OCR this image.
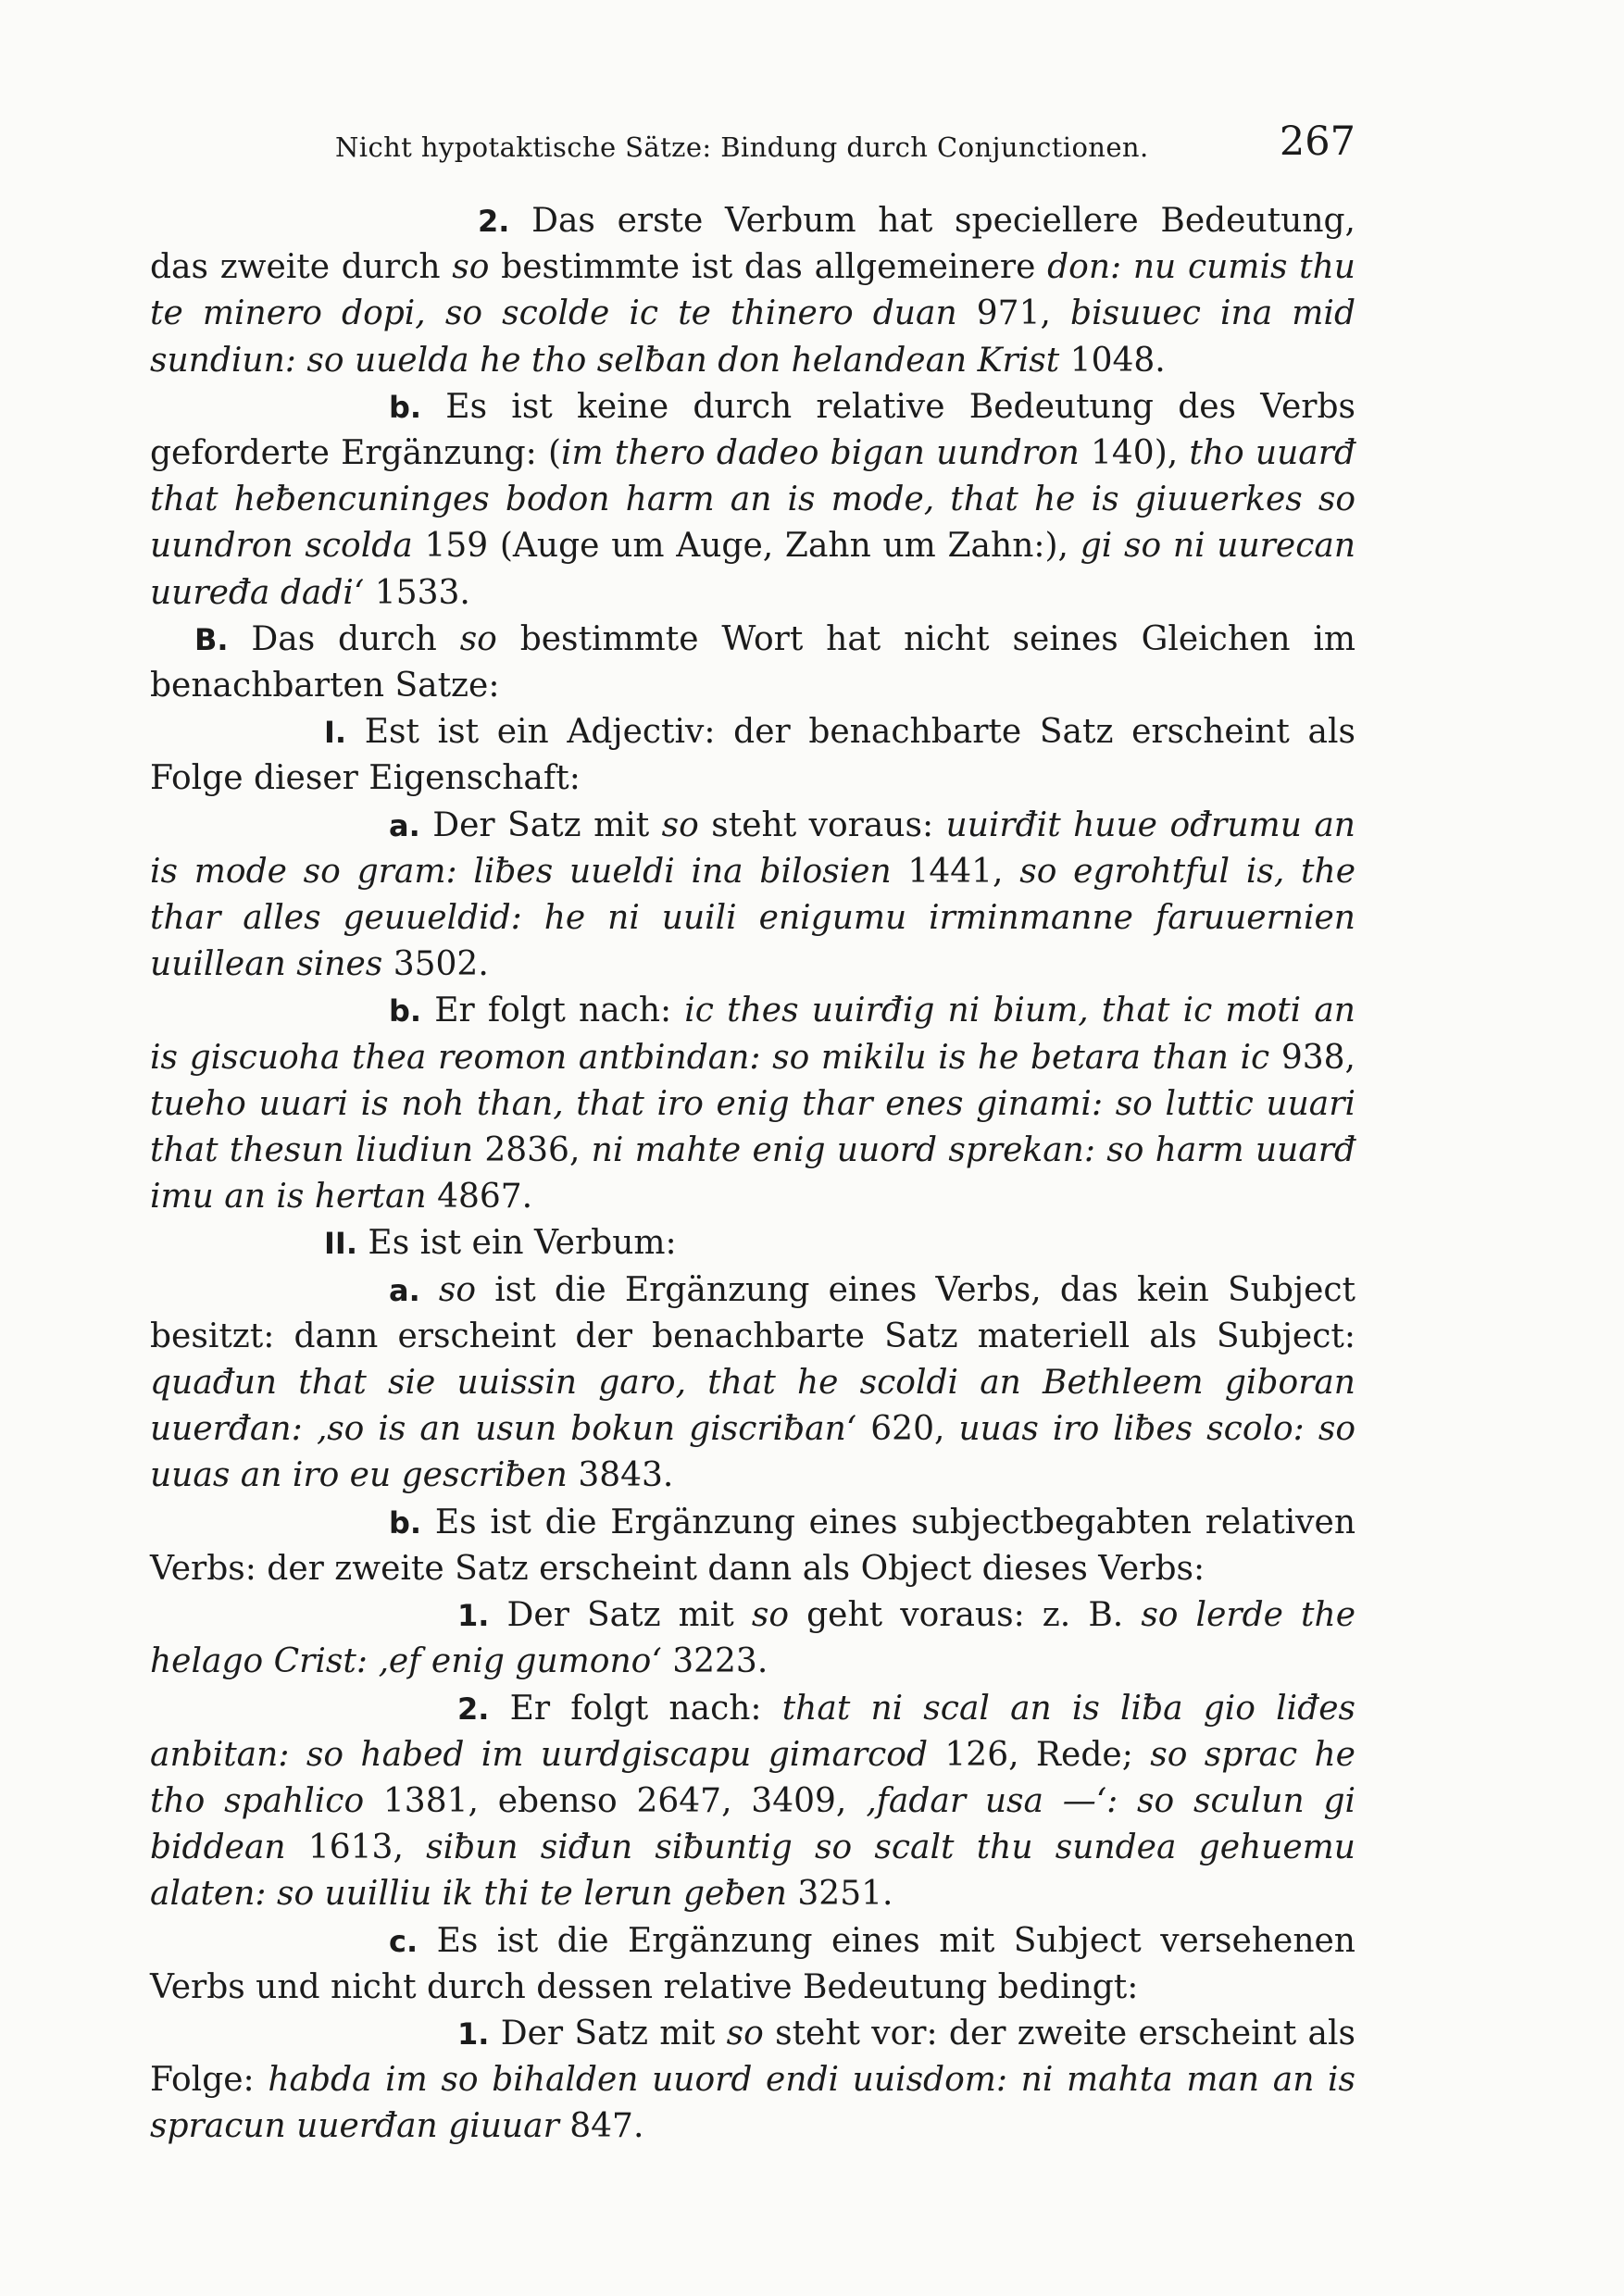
Nicht hypotaktische Sätze: Bindung durch Conjunctionen.	267

2. Das erste Verbum hat speciellere Bedeutung, das zweite durch so bestimmte ist das allgemeinere don: nu cumis thu te minero dopi, so scolde ic te thinero duan 971, bisuuec ina mid sundiun: so uuelda he tho selƀan don helandean Krist 1048.

b. Es ist keine durch relative Bedeutung des Verbs geforderte Ergänzung: (im thero dadeo bigan uundron 140), tho uuarđ that heƀencuninges bodon harm an is mode, that he is giuuerkes so uundron scolda 159 (Auge um Auge, Zahn um Zahn:), gi so ni uurecan uuređa dadi‘ 1533.

B. Das durch so bestimmte Wort hat nicht seines Gleichen im benachbarten Satze:

I. Est ist ein Adjectiv: der benachbarte Satz erscheint als Folge dieser Eigenschaft:

a. Der Satz mit so steht voraus: uuirđit huue ođrumu an is mode so gram: liƀes uueldi ina bilosien 1441, so egrohtful is, the thar alles geuueldid: he ni uuili enigumu irminmanne faruuernien uuillean sines 3502.

b. Er folgt nach: ic thes uuirđig ni bium, that ic moti an is giscuoha thea reomon antbindan: so mikilu is he betara than ic 938, tueho uuari is noh than, that iro enig thar enes ginami: so luttic uuari that thesun liudiun 2836, ni mahte enig uuord sprekan: so harm uuarđ imu an is hertan 4867.

II. Es ist ein Verbum:

a. so ist die Ergänzung eines Verbs, das kein Subject besitzt: dann erscheint der benachbarte Satz materiell als Subject: quađun that sie uuissin garo, that he scoldi an Bethleem giboran uuerđan: ‚so is an usun bokun giscriƀan‘ 620, uuas iro liƀes scolo: so uuas an iro eu gescriƀen 3843.

b. Es ist die Ergänzung eines subjectbegabten relativen Verbs: der zweite Satz erscheint dann als Object dieses Verbs:

1. Der Satz mit so geht voraus: z. B. so lerde the helago Crist: ‚ef enig gumono‘ 3223.

2. Er folgt nach: that ni scal an is liƀa gio liđes anbitan: so habed im uurdgiscapu gimarcod 126, Rede; so sprac he tho spahlico 1381, ebenso 2647, 3409, ‚fadar usa —‘: so sculun gi biddean 1613, siƀun siđun siƀuntig so scalt thu sundea gehuemu alaten: so uuilliu ik thi te lerun geƀen 3251.

c. Es ist die Ergänzung eines mit Subject versehenen Verbs und nicht durch dessen relative Bedeutung bedingt:

1. Der Satz mit so steht vor: der zweite erscheint als Folge: habda im so bihalden uuord endi uuisdom: ni mahta man an is spracun uuerđan giuuar 847.
